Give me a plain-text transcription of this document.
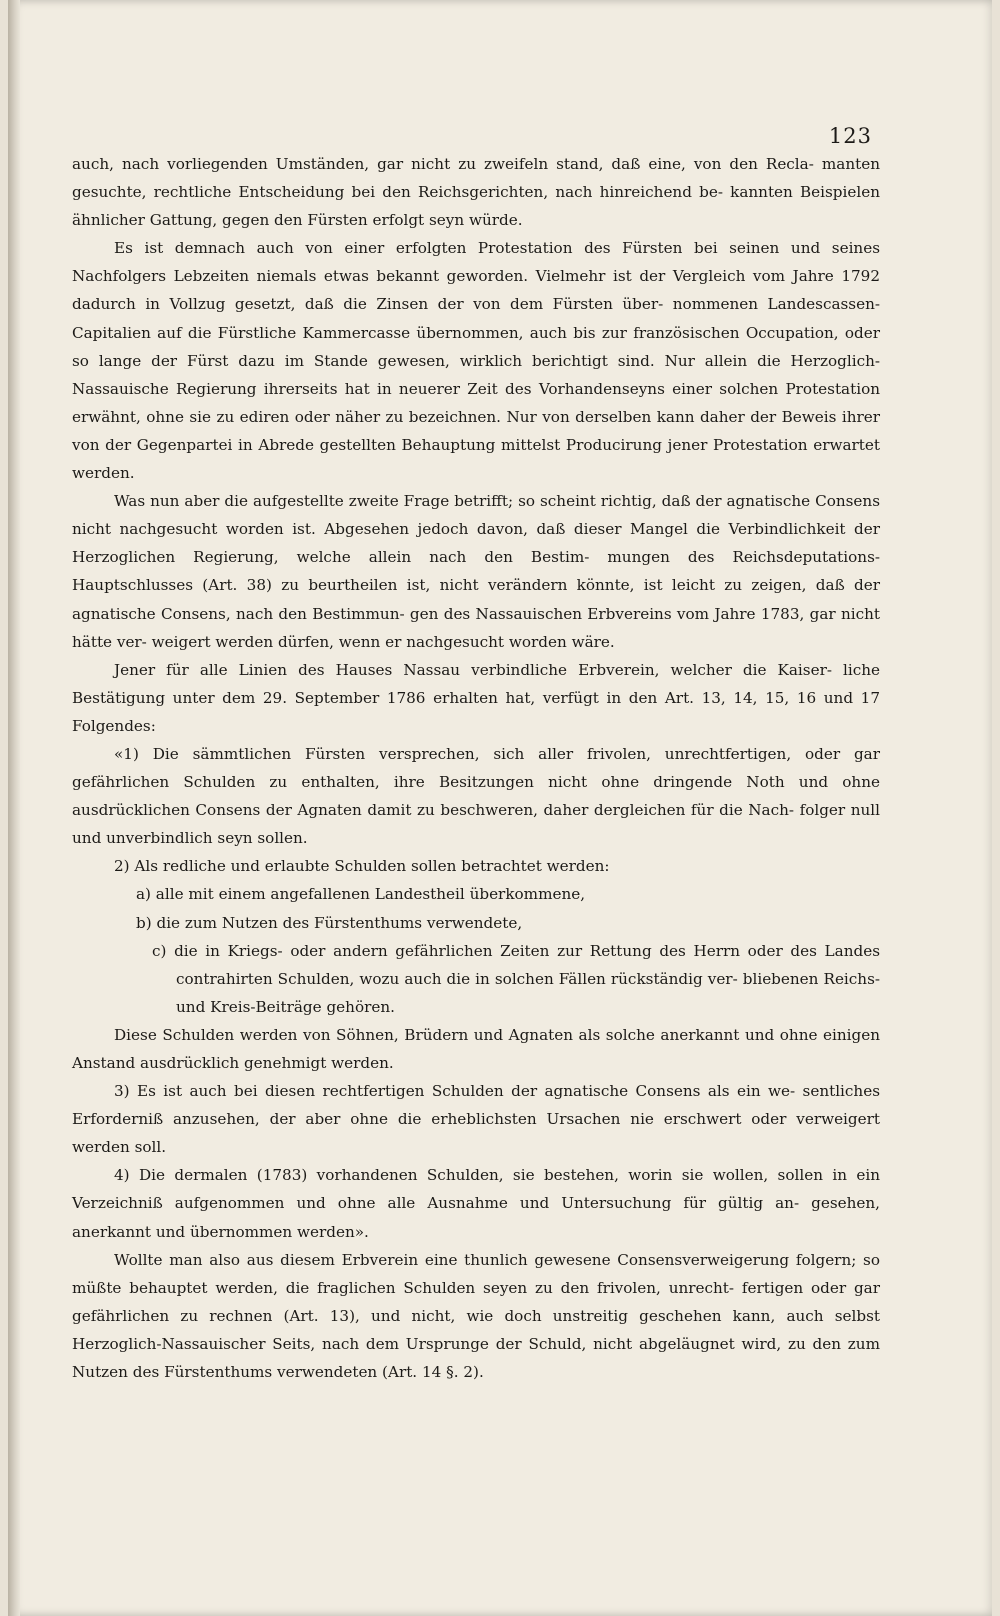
123

auch, nach vorliegenden Umständen, gar nicht zu zweifeln stand, daß eine, von den Recla- manten gesuchte, rechtliche Entscheidung bei den Reichsgerichten, nach hinreichend be- kannten Beispielen ähnlicher Gattung, gegen den Fürsten erfolgt seyn würde.

Es ist demnach auch von einer erfolgten Protestation des Fürsten bei seinen und seines Nachfolgers Lebzeiten niemals etwas bekannt geworden. Vielmehr ist der Vergleich vom Jahre 1792 dadurch in Vollzug gesetzt, daß die Zinsen der von dem Fürsten über- nommenen Landescassen-Capitalien auf die Fürstliche Kammercasse übernommen, auch bis zur französischen Occupation, oder so lange der Fürst dazu im Stande gewesen, wirklich berichtigt sind. Nur allein die Herzoglich-Nassauische Regierung ihrerseits hat in neuerer Zeit des Vorhandenseyns einer solchen Protestation erwähnt, ohne sie zu ediren oder näher zu bezeichnen. Nur von derselben kann daher der Beweis ihrer von der Gegenpartei in Abrede gestellten Behauptung mittelst Producirung jener Protestation erwartet werden.

Was nun aber die aufgestellte zweite Frage betrifft; so scheint richtig, daß der agnatische Consens nicht nachgesucht worden ist. Abgesehen jedoch davon, daß dieser Mangel die Verbindlichkeit der Herzoglichen Regierung, welche allein nach den Bestim- mungen des Reichsdeputations-Hauptschlusses (Art. 38) zu beurtheilen ist, nicht verändern könnte, ist leicht zu zeigen, daß der agnatische Consens, nach den Bestimmun- gen des Nassauischen Erbvereins vom Jahre 1783, gar nicht hätte ver- weigert werden dürfen, wenn er nachgesucht worden wäre.

Jener für alle Linien des Hauses Nassau verbindliche Erbverein, welcher die Kaiser- liche Bestätigung unter dem 29. September 1786 erhalten hat, verfügt in den Art. 13, 14, 15, 16 und 17 Folgendes:

«1) Die sämmtlichen Fürsten versprechen, sich aller frivolen, unrechtfertigen, oder gar gefährlichen Schulden zu enthalten, ihre Besitzungen nicht ohne dringende Noth und ohne ausdrücklichen Consens der Agnaten damit zu beschweren, daher dergleichen für die Nach- folger null und unverbindlich seyn sollen.

2) Als redliche und erlaubte Schulden sollen betrachtet werden:

a) alle mit einem angefallenen Landestheil überkommene,

b) die zum Nutzen des Fürstenthums verwendete,

c) die in Kriegs- oder andern gefährlichen Zeiten zur Rettung des Herrn oder des Landes contrahirten Schulden, wozu auch die in solchen Fällen rückständig ver- bliebenen Reichs- und Kreis-Beiträge gehören.

Diese Schulden werden von Söhnen, Brüdern und Agnaten als solche anerkannt und ohne einigen Anstand ausdrücklich genehmigt werden.

3) Es ist auch bei diesen rechtfertigen Schulden der agnatische Consens als ein we- sentliches Erforderniß anzusehen, der aber ohne die erheblichsten Ursachen nie erschwert oder verweigert werden soll.

4) Die dermalen (1783) vorhandenen Schulden, sie bestehen, worin sie wollen, sollen in ein Verzeichniß aufgenommen und ohne alle Ausnahme und Untersuchung für gültig an- gesehen, anerkannt und übernommen werden».

Wollte man also aus diesem Erbverein eine thunlich gewesene Consensverweigerung folgern; so müßte behauptet werden, die fraglichen Schulden seyen zu den frivolen, unrecht- fertigen oder gar gefährlichen zu rechnen (Art. 13), und nicht, wie doch unstreitig geschehen kann, auch selbst Herzoglich-Nassauischer Seits, nach dem Ursprunge der Schuld, nicht abgeläugnet wird, zu den zum Nutzen des Fürstenthums verwendeten (Art. 14 §. 2).
